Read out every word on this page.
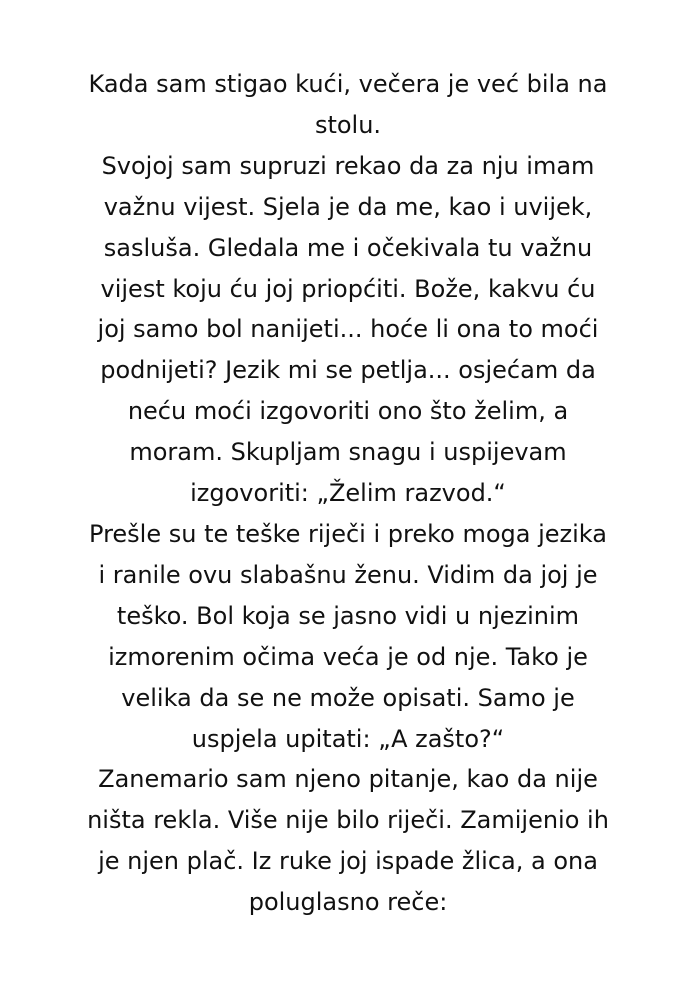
Kada sam stigao kući, večera je već bila na
stolu.
Svojoj sam supruzi rekao da za nju imam
važnu vijest. Sjela je da me, kao i uvijek,
sasluša. Gledala me i očekivala tu važnu
vijest koju ću joj priopćiti. Bože, kakvu ću
joj samo bol nanijeti... hoće li ona to moći
podnijeti? Jezik mi se petlja... osjećam da
neću moći izgovoriti ono što želim, a
moram. Skupljam snagu i uspijevam
izgovoriti: „Želim razvod.“
Prešle su te teške riječi i preko moga jezika
i ranile ovu slabašnu ženu. Vidim da joj je
teško. Bol koja se jasno vidi u njezinim
izmorenim očima veća je od nje. Tako je
velika da se ne može opisati. Samo je
uspjela upitati: „A zašto?“
Zanemario sam njeno pitanje, kao da nije
ništa rekla. Više nije bilo riječi. Zamijenio ih
je njen plač. Iz ruke joj ispade žlica, a ona
poluglasno reče:
